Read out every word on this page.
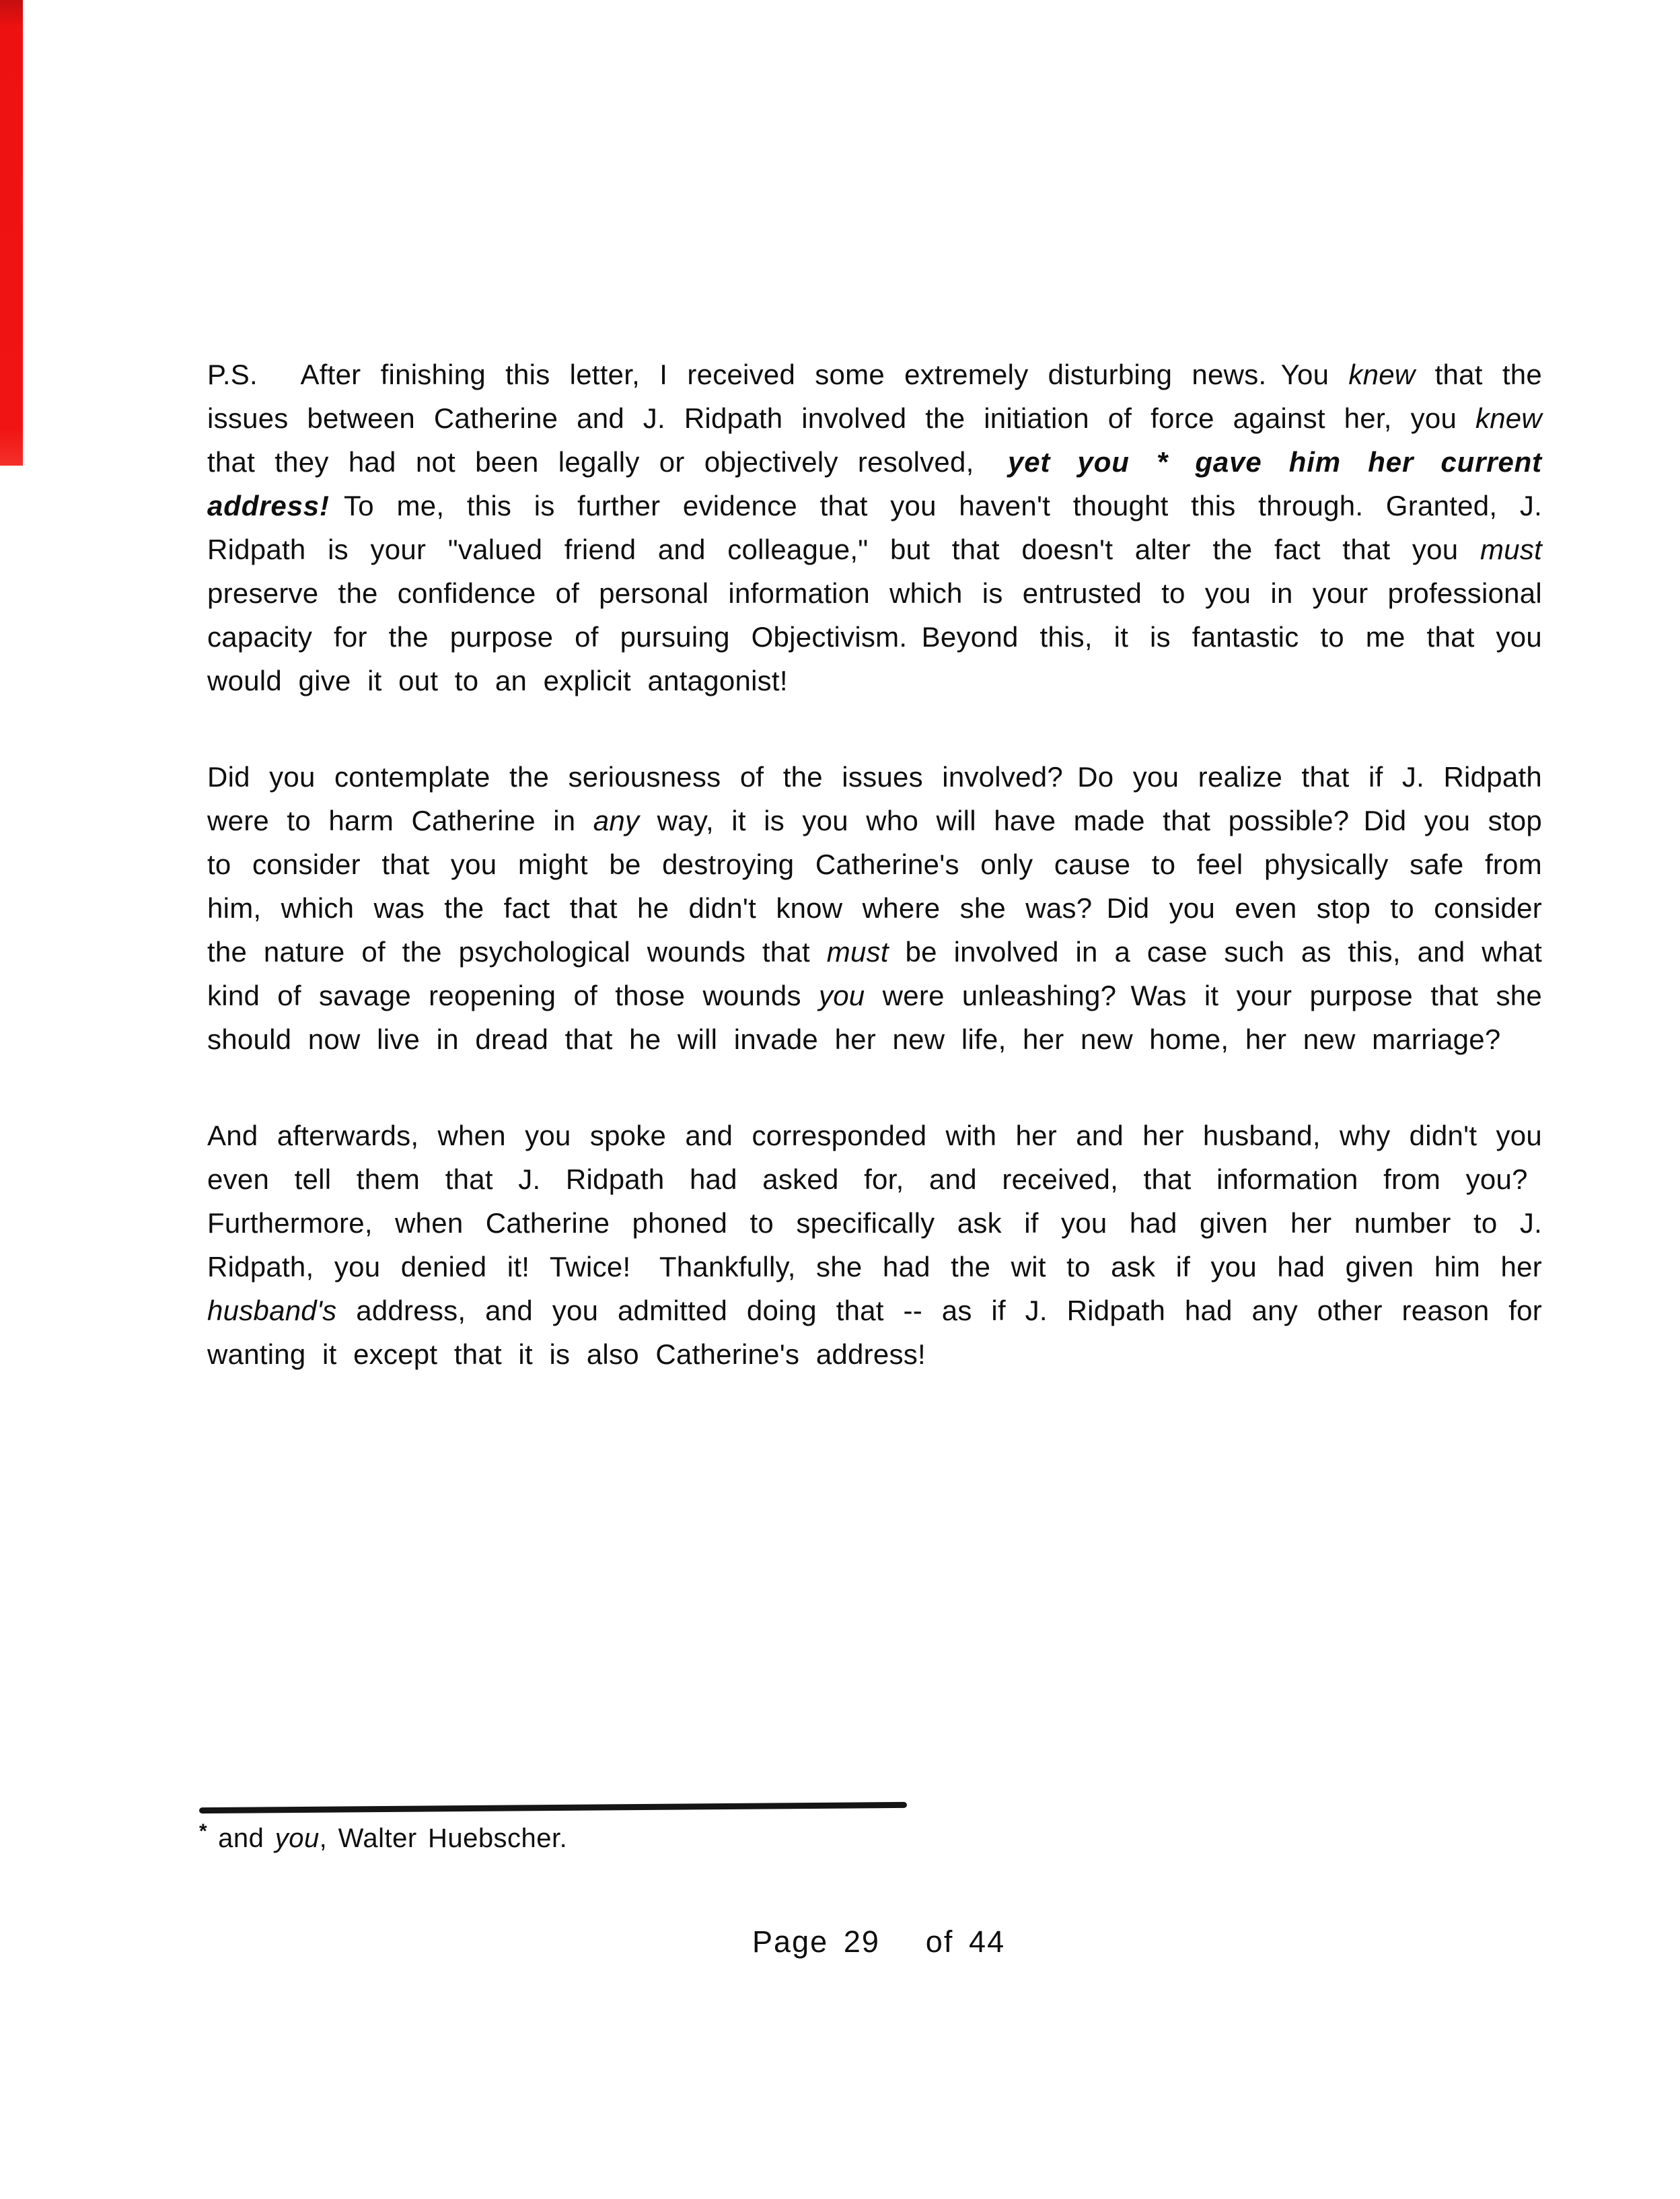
P.S.  After finishing this letter, I received some extremely disturbing news. You knew that the issues between Catherine and J. Ridpath involved the initiation of force against her, you knew that they had not been legally or objectively resolved,  yet you * gave him her current address! To me, this is further evidence that you haven't thought this through. Granted, J. Ridpath is your "valued friend and colleague," but that doesn't alter the fact that you must preserve the confidence of personal information which is entrusted to you in your professional capacity for the purpose of pursuing Objectivism. Beyond this, it is fantastic to me that you would give it out to an explicit antagonist!

Did you contemplate the seriousness of the issues involved? Do you realize that if J. Ridpath were to harm Catherine in any way, it is you who will have made that possible? Did you stop to consider that you might be destroying Catherine's only cause to feel physically safe from him, which was the fact that he didn't know where she was? Did you even stop to consider the nature of the psychological wounds that must be involved in a case such as this, and what kind of savage reopening of those wounds you were unleashing? Was it your purpose that she should now live in dread that he will invade her new life, her new home, her new marriage?

And afterwards, when you spoke and corresponded with her and her husband, why didn't you even tell them that J. Ridpath had asked for, and received, that information from you? Furthermore, when Catherine phoned to specifically ask if you had given her number to J. Ridpath, you denied it! Twice!  Thankfully, she had the wit to ask if you had given him her husband's address, and you admitted doing that -- as if J. Ridpath had any other reason for wanting it except that it is also Catherine's address!

* and you, Walter Huebscher.
Page 29   of 44
